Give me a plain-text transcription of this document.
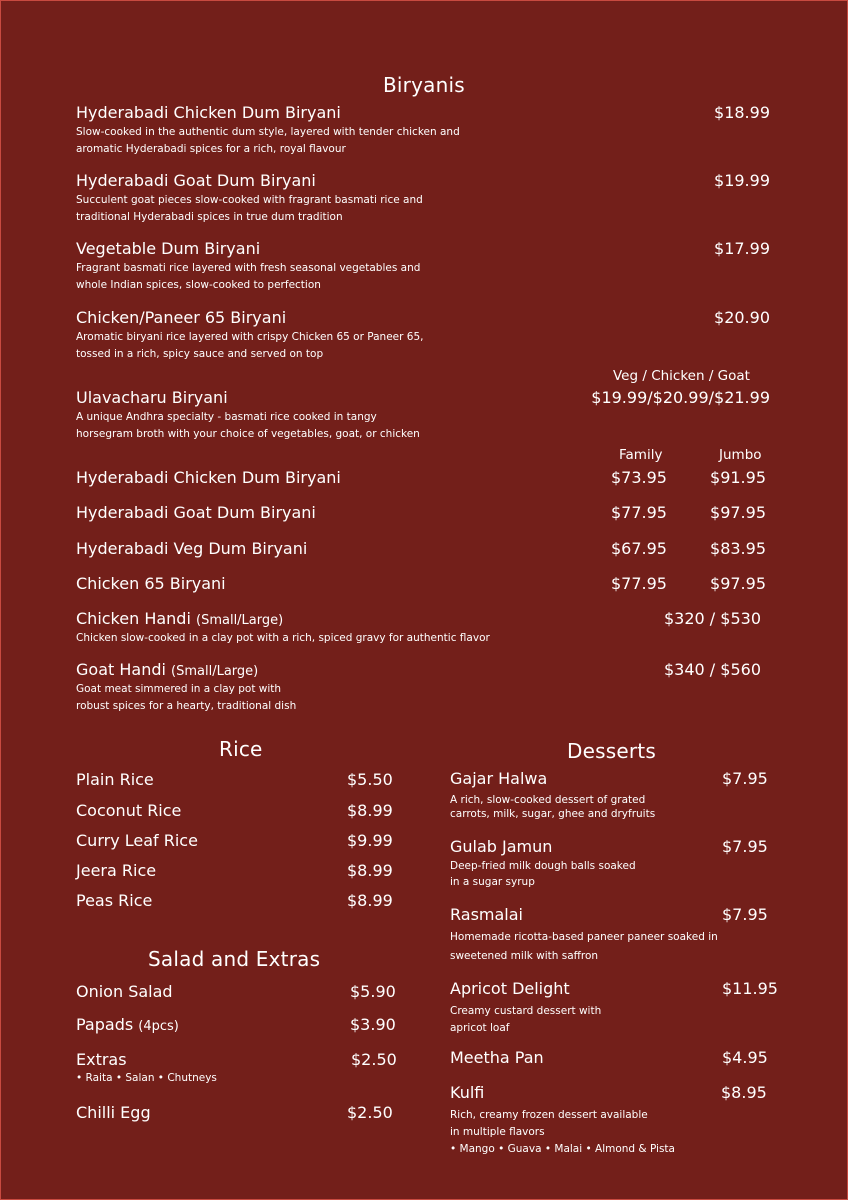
Biryanis
Hyderabadi Chicken Dum Biryani	$18.99
Slow-cooked in the authentic dum style, layered with tender chicken and
aromatic Hyderabadi spices for a rich, royal flavour
Hyderabadi Goat Dum Biryani	$19.99
Succulent goat pieces slow-cooked with fragrant basmati rice and
traditional Hyderabadi spices in true dum tradition
Vegetable Dum Biryani	$17.99
Fragrant basmati rice layered with fresh seasonal vegetables and
whole Indian spices, slow-cooked to perfection
Chicken/Paneer 65 Biryani	$20.90
Aromatic biryani rice layered with crispy Chicken 65 or Paneer 65,
tossed in a rich, spicy sauce and served on top
Veg / Chicken / Goat
Ulavacharu Biryani	$19.99/$20.99/$21.99
A unique Andhra specialty - basmati rice cooked in tangy
horsegram broth with your choice of vegetables, goat, or chicken
Family	Jumbo
Hyderabadi Chicken Dum Biryani	$73.95	$91.95
Hyderabadi Goat Dum Biryani	$77.95	$97.95
Hyderabadi Veg Dum Biryani	$67.95	$83.95
Chicken 65 Biryani	$77.95	$97.95
Chicken Handi (Small/Large)	$320 / $530
Chicken slow-cooked in a clay pot with a rich, spiced gravy for authentic flavor
Goat Handi (Small/Large)	$340 / $560
Goat meat simmered in a clay pot with
robust spices for a hearty, traditional dish
Rice
Plain Rice	$5.50
Coconut Rice	$8.99
Curry Leaf Rice	$9.99
Jeera Rice	$8.99
Peas Rice	$8.99
Salad and Extras
Onion Salad	$5.90
Papads (4pcs)	$3.90
Extras	$2.50
• Raita • Salan • Chutneys
Chilli Egg	$2.50
Desserts
Gajar Halwa	$7.95
A rich, slow-cooked dessert of grated
carrots, milk, sugar, ghee and dryfruits
Gulab Jamun	$7.95
Deep-fried milk dough balls soaked
in a sugar syrup
Rasmalai	$7.95
Homemade ricotta-based paneer paneer soaked in
sweetened milk with saffron
Apricot Delight	$11.95
Creamy custard dessert with
apricot loaf
Meetha Pan	$4.95
Kulfi	$8.95
Rich, creamy frozen dessert available
in multiple flavors
• Mango • Guava • Malai • Almond & Pista
